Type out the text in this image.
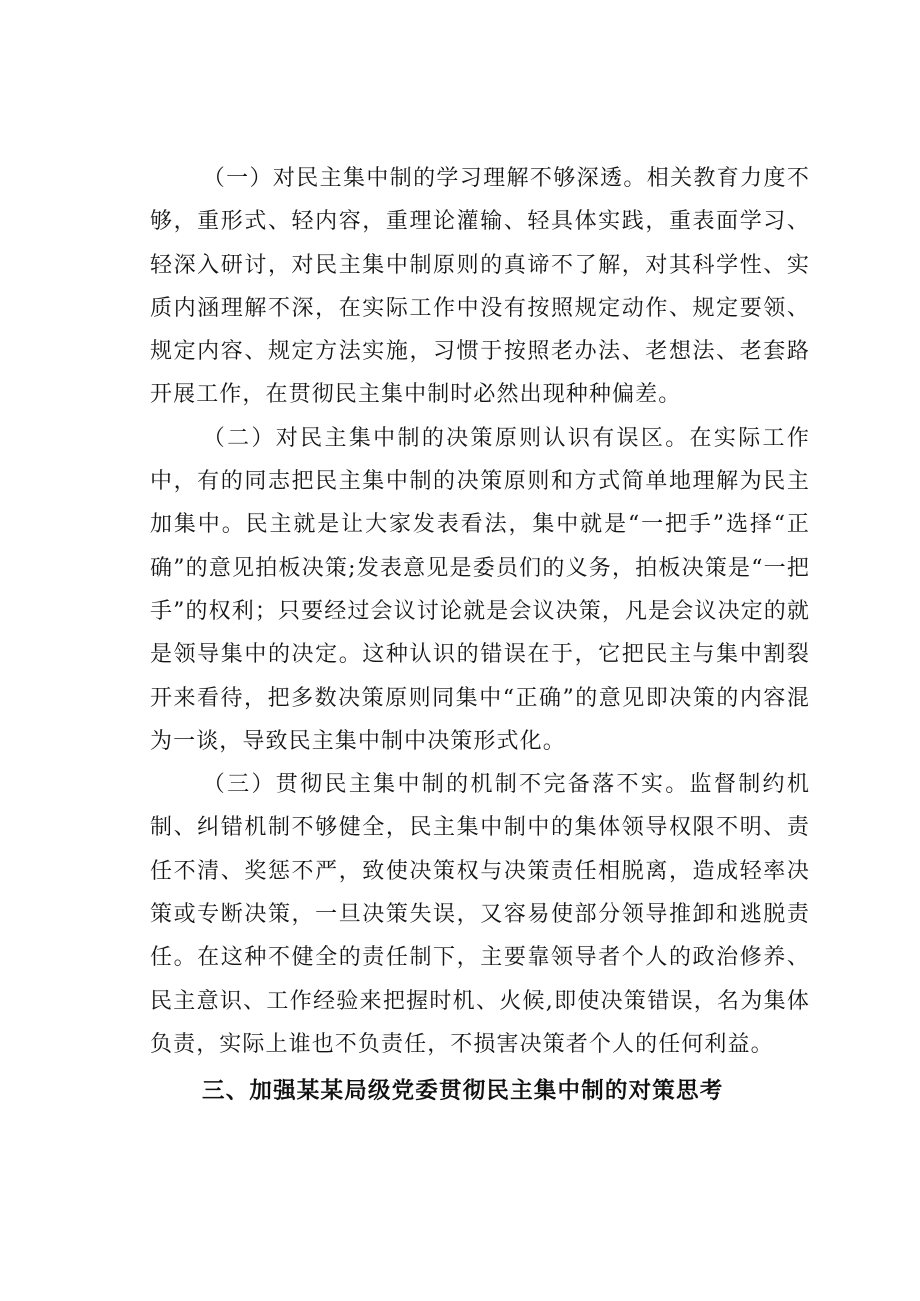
（一）对民主集中制的学习理解不够深透。相关教育力度不够，重形式、轻内容，重理论灌输、轻具体实践，重表面学习、轻深入研讨，对民主集中制原则的真谛不了解，对其科学性、实质内涵理解不深，在实际工作中没有按照规定动作、规定要领、规定内容、规定方法实施，习惯于按照老办法、老想法、老套路开展工作，在贯彻民主集中制时必然出现种种偏差。

（二）对民主集中制的决策原则认识有误区。在实际工作中，有的同志把民主集中制的决策原则和方式简单地理解为民主加集中。民主就是让大家发表看法，集中就是“一把手”选择“正确”的意见拍板决策;发表意见是委员们的义务，拍板决策是“一把手”的权利；只要经过会议讨论就是会议决策，凡是会议决定的就是领导集中的决定。这种认识的错误在于，它把民主与集中割裂开来看待，把多数决策原则同集中“正确”的意见即决策的内容混为一谈，导致民主集中制中决策形式化。

（三）贯彻民主集中制的机制不完备落不实。监督制约机制、纠错机制不够健全，民主集中制中的集体领导权限不明、责任不清、奖惩不严，致使决策权与决策责任相脱离，造成轻率决策或专断决策，一旦决策失误，又容易使部分领导推卸和逃脱责任。在这种不健全的责任制下，主要靠领导者个人的政治修养、民主意识、工作经验来把握时机、火候,即使决策错误，名为集体负责，实际上谁也不负责任，不损害决策者个人的任何利益。

三、加强某某局级党委贯彻民主集中制的对策思考
